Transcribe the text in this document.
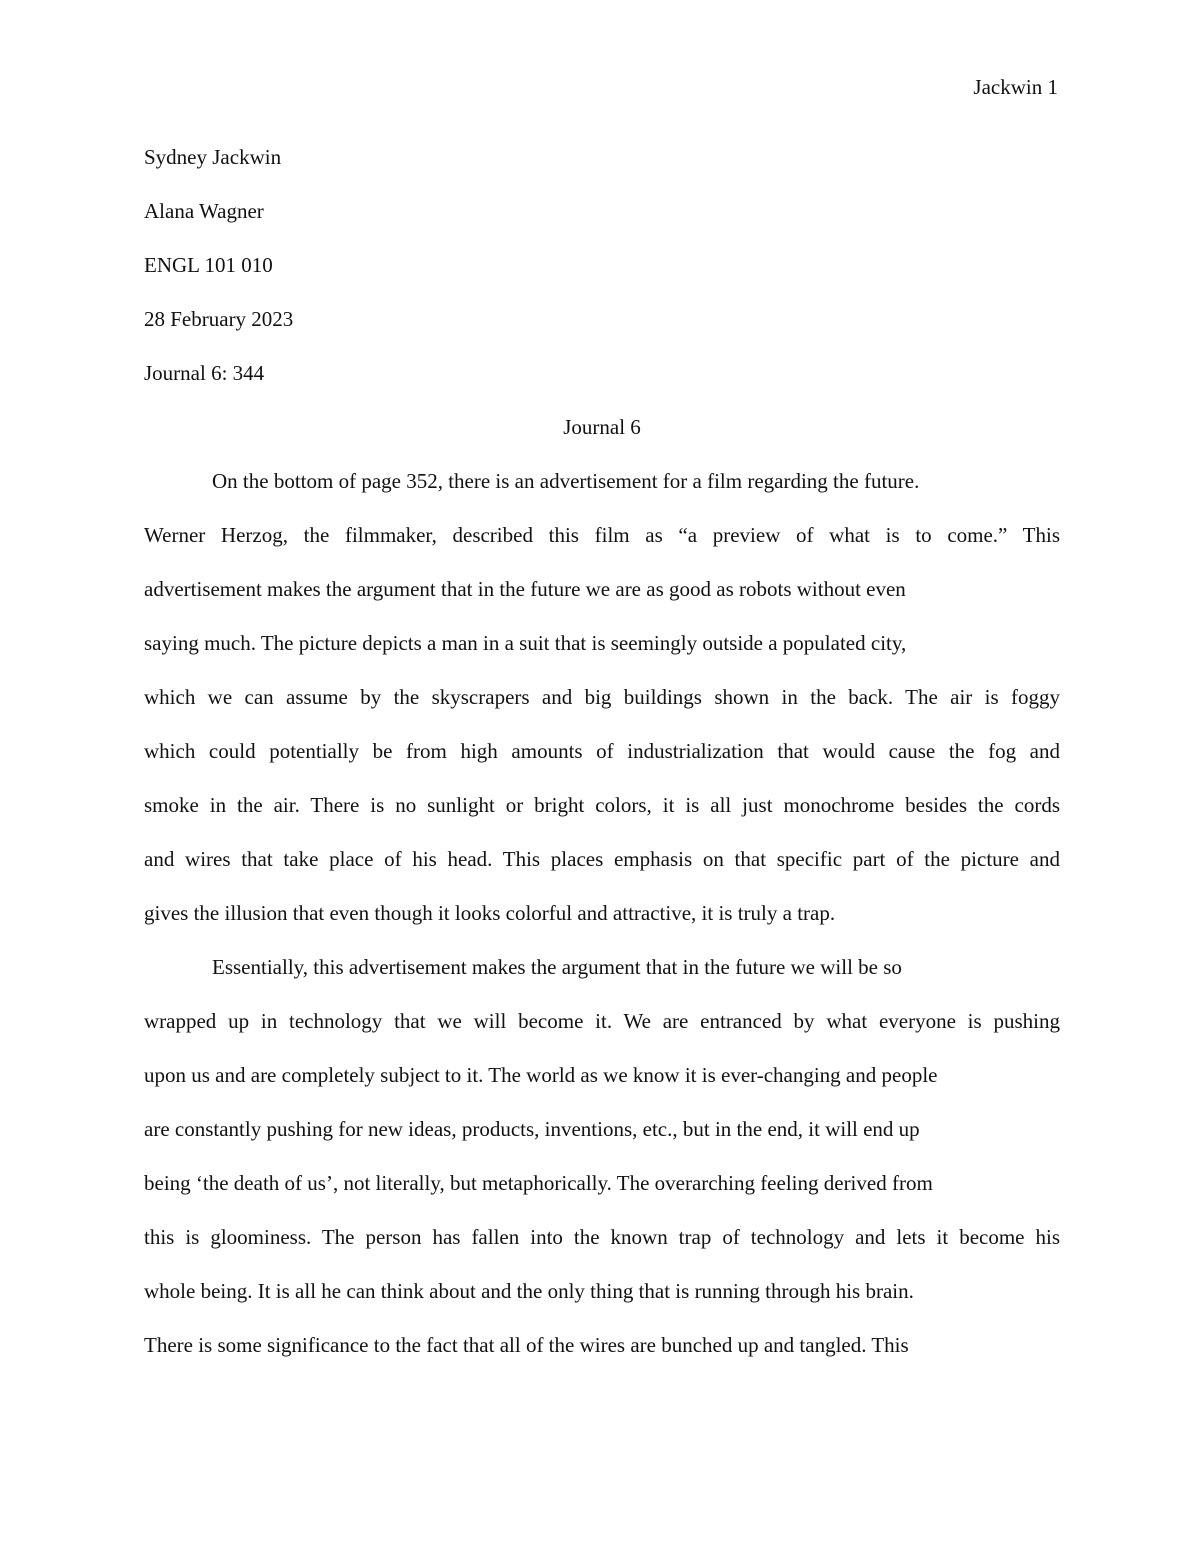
Jackwin 1
Sydney Jackwin
Alana Wagner
ENGL 101 010
28 February 2023
Journal 6: 344
Journal 6
On the bottom of page 352, there is an advertisement for a film regarding the future.
Werner Herzog, the filmmaker, described this film as “a preview of what is to come.” This
advertisement makes the argument that in the future we are as good as robots without even
saying much. The picture depicts a man in a suit that is seemingly outside a populated city,
which we can assume by the skyscrapers and big buildings shown in the back. The air is foggy
which could potentially be from high amounts of industrialization that would cause the fog and
smoke in the air. There is no sunlight or bright colors, it is all just monochrome besides the cords
and wires that take place of his head. This places emphasis on that specific part of the picture and
gives the illusion that even though it looks colorful and attractive, it is truly a trap.
Essentially, this advertisement makes the argument that in the future we will be so
wrapped up in technology that we will become it. We are entranced by what everyone is pushing
upon us and are completely subject to it. The world as we know it is ever-changing and people
are constantly pushing for new ideas, products, inventions, etc., but in the end, it will end up
being ‘the death of us’, not literally, but metaphorically. The overarching feeling derived from
this is gloominess. The person has fallen into the known trap of technology and lets it become his
whole being. It is all he can think about and the only thing that is running through his brain.
There is some significance to the fact that all of the wires are bunched up and tangled. This
